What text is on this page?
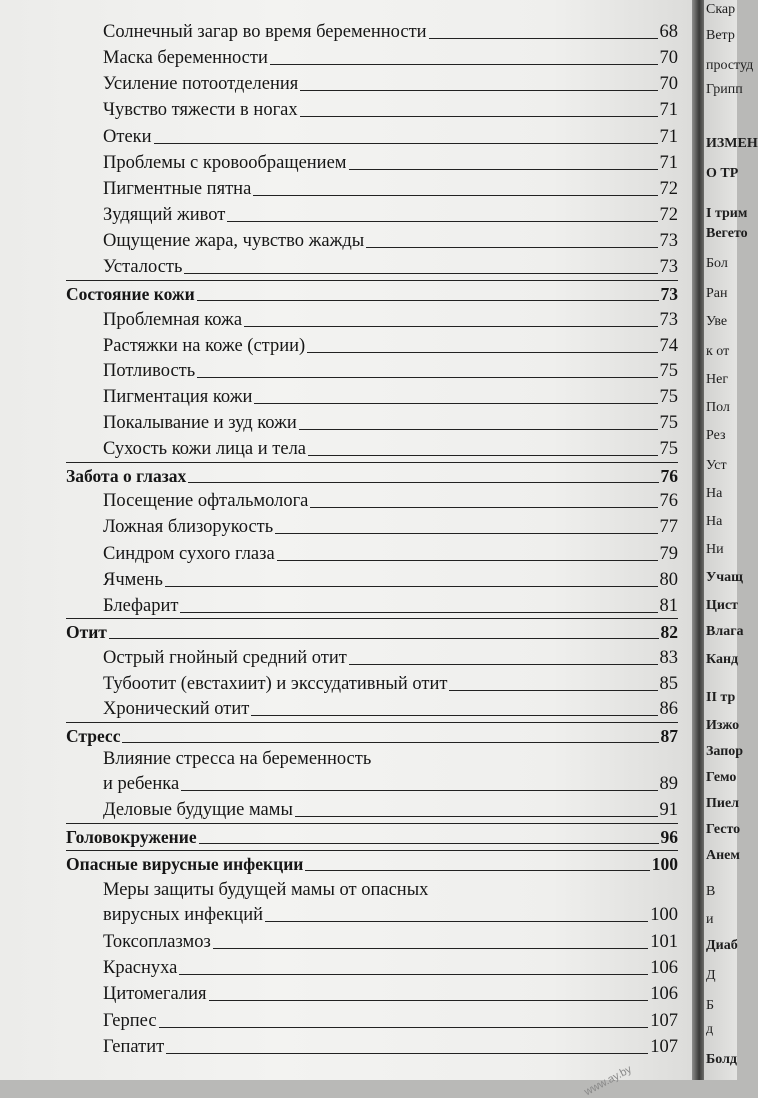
Солнечный загар во время беременности	68
Маска беременности	70
Усиление потоотделения	70
Чувство тяжести в ногах	71
Отеки	71
Проблемы с кровообращением	71
Пигментные пятна	72
Зудящий живот	72
Ощущение жара, чувство жажды	73
Усталость	73
Состояние кожи	73
Проблемная кожа	73
Растяжки на коже (стрии)	74
Потливость	75
Пигментация кожи	75
Покалывание и зуд кожи	75
Сухость кожи лица и тела	75
Забота о глазах	76
Посещение офтальмолога	76
Ложная близорукость	77
Синдром сухого глаза	79
Ячмень	80
Блефарит	81
Отит	82
Острый гнойный средний отит	83
Тубоотит (евстахиит) и экссудативный отит	85
Хронический отит	86
Стресс	87
Влияние стресса на беременность
и ребенка	89
Деловые будущие мамы	91
Головокружение	96
Опасные вирусные инфекции	100
Меры защиты будущей мамы от опасных
вирусных инфекций	100
Токсоплазмоз	101
Краснуха	106
Цитомегалия	106
Герпес	107
Гепатит	107
www.ay.by
Скар
Ветр
простуд
Грипп
ИЗМЕН
О ТР
I трим
Вегето
Бол
Ран
Уве
к от
Нег
Пол
Рез
Уст
На
На
Ни
Учащ
Цист
Влага
Канд
II тр
Изжо
Запор
Гемо
Пиел
Гесто
Анем
В
и
Диаб
Д
Б
д
Болд
